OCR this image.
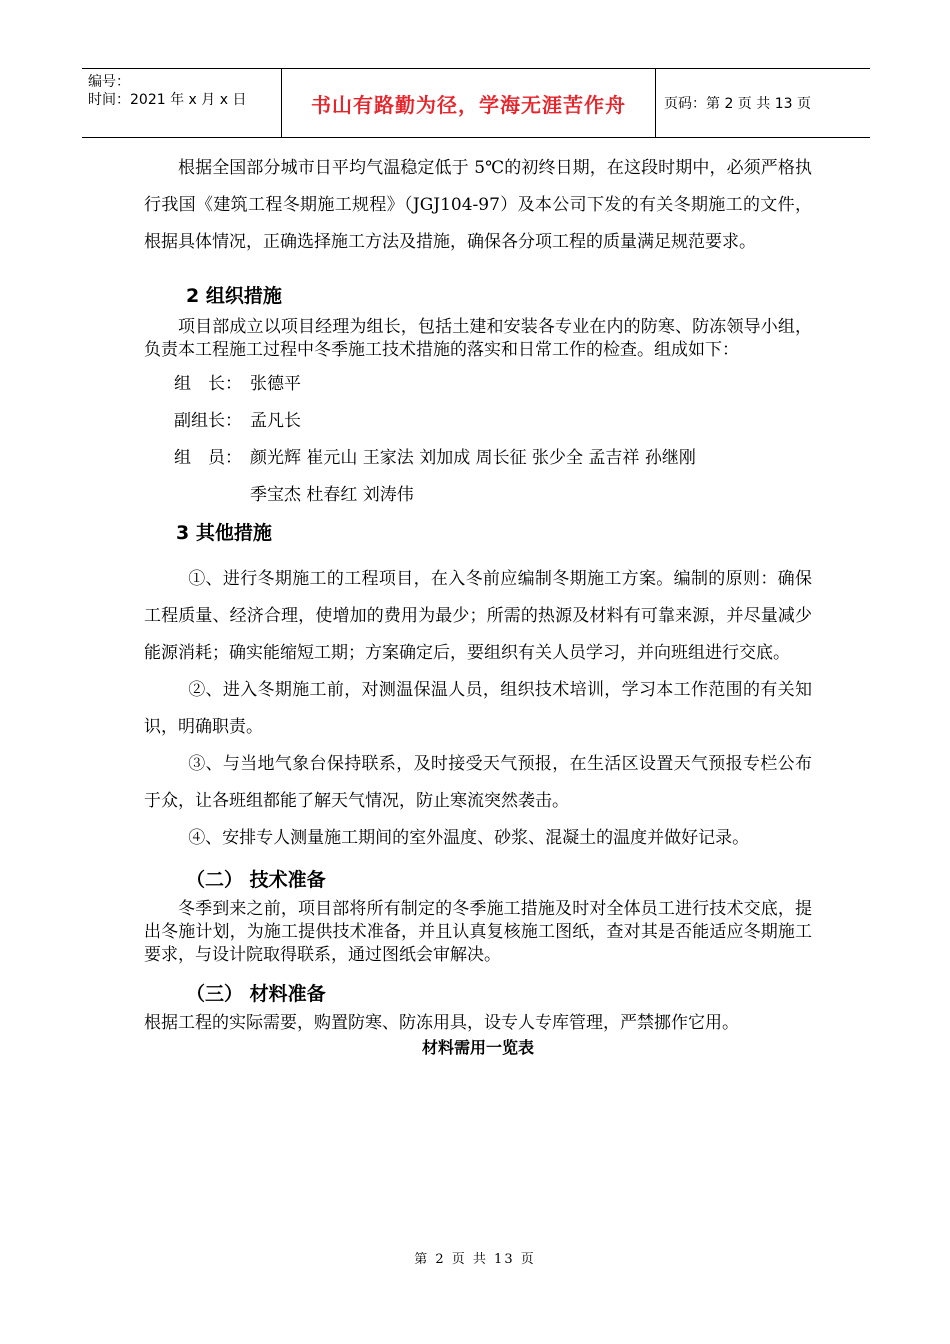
编号：
时间：2021 年 x 月 x 日	书山有路勤为径，学海无涯苦作舟	页码：第 2 页 共 13 页

根据全国部分城市日平均气温稳定低于 5℃的初终日期，在这段时期中，必须严格执行我国《建筑工程冬期施工规程》（JGJ104-97）及本公司下发的有关冬期施工的文件，根据具体情况，正确选择施工方法及措施，确保各分项工程的质量满足规范要求。

2 组织措施

项目部成立以项目经理为组长，包括土建和安装各专业在内的防寒、防冻领导小组，负责本工程施工过程中冬季施工技术措施的落实和日常工作的检查。组成如下：

组　长： 张德平

副组长： 孟凡长

组　员： 颜光辉 崔元山 王家法 刘加成 周长征 张少全 孟吉祥 孙继刚

季宝杰 杜春红 刘涛伟

3 其他措施

①、进行冬期施工的工程项目，在入冬前应编制冬期施工方案。编制的原则：确保工程质量、经济合理，使增加的费用为最少；所需的热源及材料有可靠来源，并尽量减少能源消耗；确实能缩短工期；方案确定后，要组织有关人员学习，并向班组进行交底。

②、进入冬期施工前，对测温保温人员，组织技术培训，学习本工作范围的有关知识，明确职责。

③、与当地气象台保持联系，及时接受天气预报，在生活区设置天气预报专栏公布于众，让各班组都能了解天气情况，防止寒流突然袭击。

④、安排专人测量施工期间的室外温度、砂浆、混凝土的温度并做好记录。

（二） 技术准备

冬季到来之前，项目部将所有制定的冬季施工措施及时对全体员工进行技术交底，提出冬施计划，为施工提供技术准备，并且认真复核施工图纸，查对其是否能适应冬期施工要求，与设计院取得联系，通过图纸会审解决。

（三） 材料准备

根据工程的实际需要，购置防寒、防冻用具，设专人专库管理，严禁挪作它用。

材料需用一览表

第 2 页 共 13 页
